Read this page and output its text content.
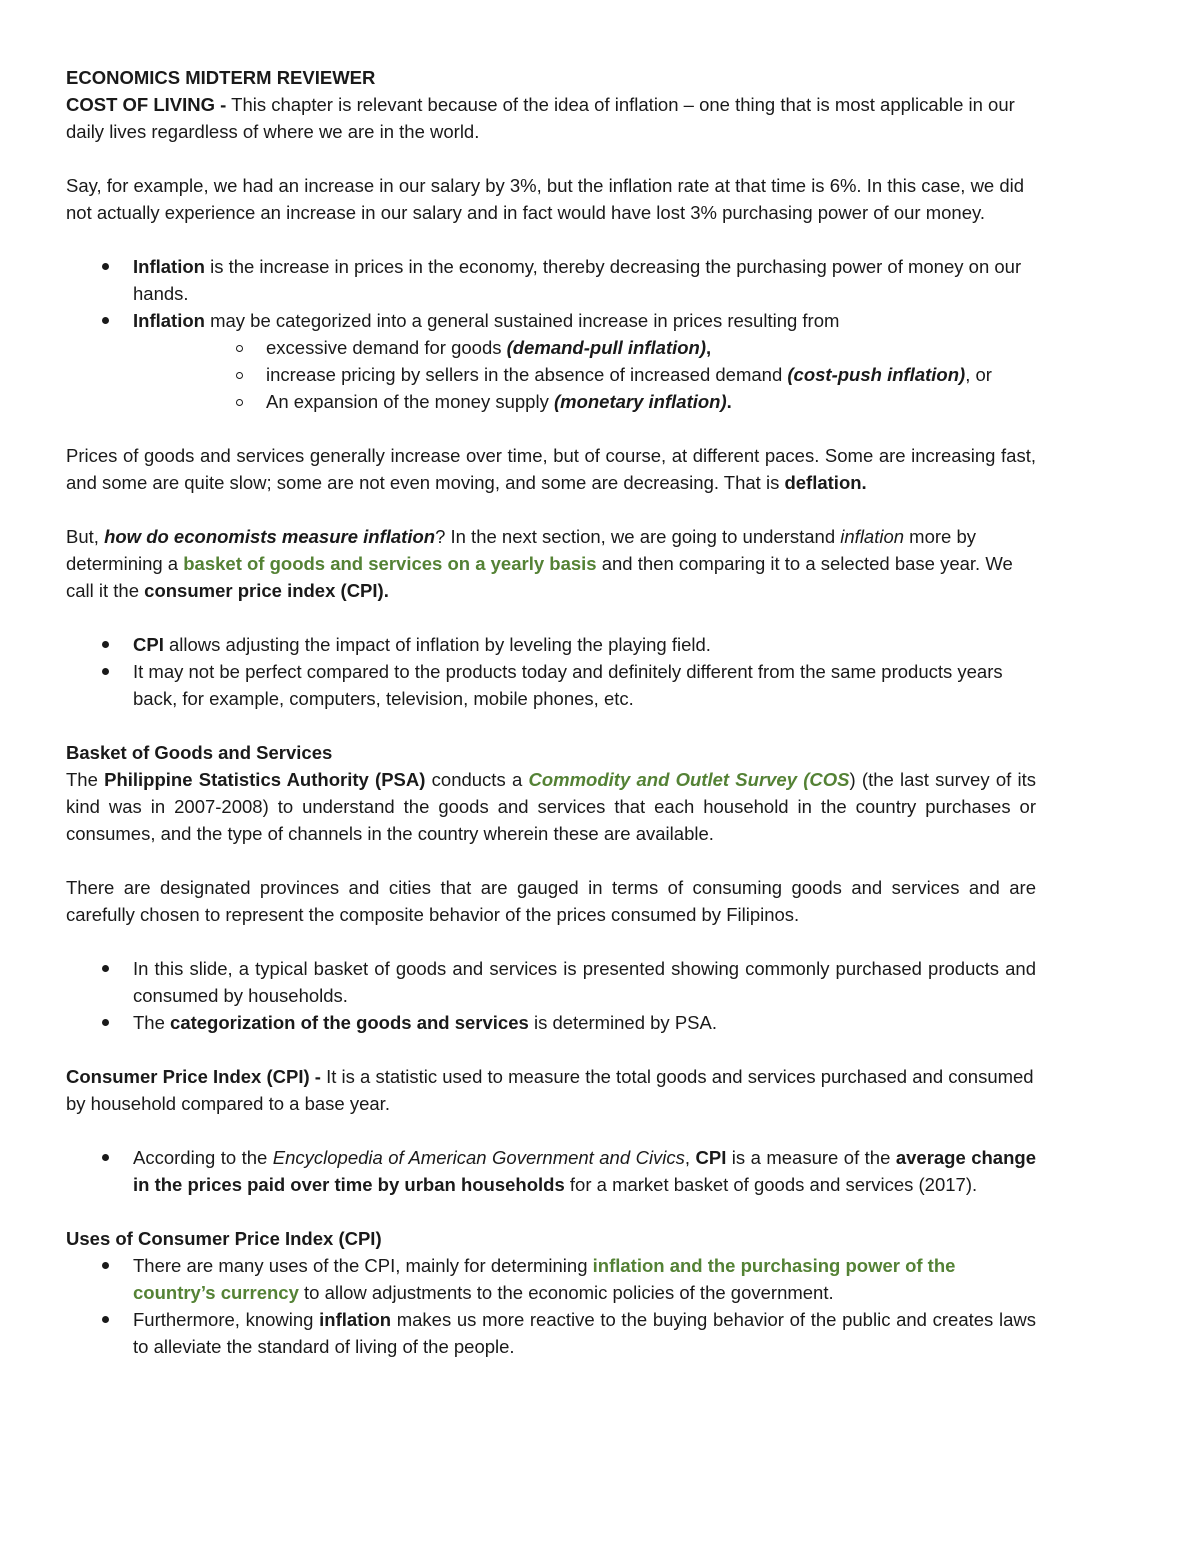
ECONOMICS MIDTERM REVIEWER

COST OF LIVING - This chapter is relevant because of the idea of inflation – one thing that is most applicable in our daily lives regardless of where we are in the world.

Say, for example, we had an increase in our salary by 3%, but the inflation rate at that time is 6%. In this case, we did not actually experience an increase in our salary and in fact would have lost 3% purchasing power of our money.

Inflation is the increase in prices in the economy, thereby decreasing the purchasing power of money on our hands.
Inflation may be categorized into a general sustained increase in prices resulting from
excessive demand for goods (demand-pull inflation),
increase pricing by sellers in the absence of increased demand (cost-push inflation), or
An expansion of the money supply (monetary inflation).

Prices of goods and services generally increase over time, but of course, at different paces. Some are increasing fast, and some are quite slow; some are not even moving, and some are decreasing. That is deflation.

But, how do economists measure inflation? In the next section, we are going to understand inflation more by determining a basket of goods and services on a yearly basis and then comparing it to a selected base year. We call it the consumer price index (CPI).

CPI allows adjusting the impact of inflation by leveling the playing field.
It may not be perfect compared to the products today and definitely different from the same products years back, for example, computers, television, mobile phones, etc.

Basket of Goods and Services

The Philippine Statistics Authority (PSA) conducts a Commodity and Outlet Survey (COS) (the last survey of its kind was in 2007-2008) to understand the goods and services that each household in the country purchases or consumes, and the type of channels in the country wherein these are available.

There are designated provinces and cities that are gauged in terms of consuming goods and services and are carefully chosen to represent the composite behavior of the prices consumed by Filipinos.

In this slide, a typical basket of goods and services is presented showing commonly purchased products and consumed by households.
The categorization of the goods and services is determined by PSA.

Consumer Price Index (CPI) - It is a statistic used to measure the total goods and services purchased and consumed by household compared to a base year.

According to the Encyclopedia of American Government and Civics, CPI is a measure of the average change in the prices paid over time by urban households for a market basket of goods and services (2017).

Uses of Consumer Price Index (CPI)

There are many uses of the CPI, mainly for determining inflation and the purchasing power of the country’s currency to allow adjustments to the economic policies of the government.
Furthermore, knowing inflation makes us more reactive to the buying behavior of the public and creates laws to alleviate the standard of living of the people.
